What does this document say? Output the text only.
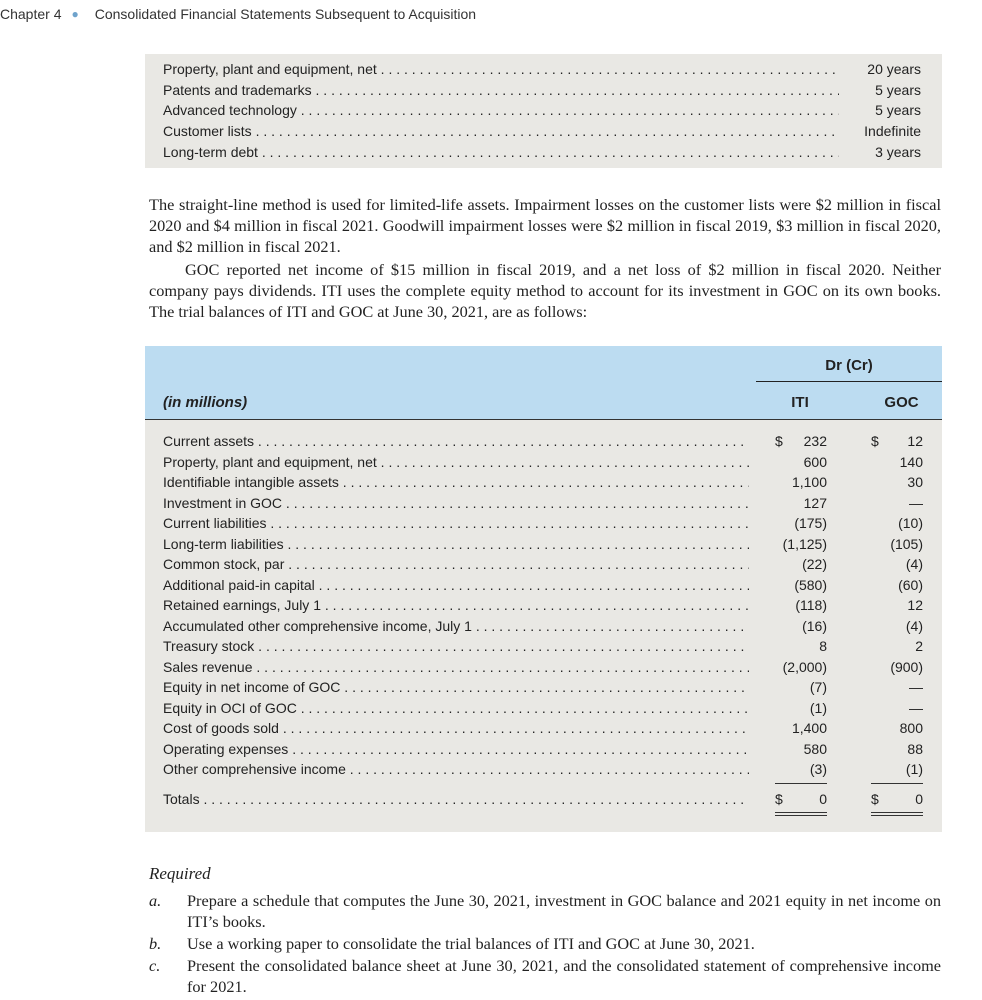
Chapter 4 ● Consolidated Financial Statements Subsequent to Acquisition
Property, plant and equipment, net . . .	20 years
Patents and trademarks . . .	5 years
Advanced technology . . .	5 years
Customer lists . . .	Indefinite
Long-term debt . . .	3 years
The straight-line method is used for limited-life assets. Impairment losses on the customer lists were $2 million in fiscal 2020 and $4 million in fiscal 2021. Goodwill impairment losses were $2 million in fiscal 2019, $3 million in fiscal 2020, and $2 million in fiscal 2021.
GOC reported net income of $15 million in fiscal 2019, and a net loss of $2 million in fiscal 2020. Neither company pays dividends. ITI uses the complete equity method to account for its investment in GOC on its own books. The trial balances of ITI and GOC at June 30, 2021, are as follows:
Dr (Cr)
(in millions)	ITI	GOC
Current assets . . .	$ 232	$ 12
Property, plant and equipment, net . . .	600	140
Identifiable intangible assets . . .	1,100	30
Investment in GOC . . .	127	—
Current liabilities . . .	(175)	(10)
Long-term liabilities . . .	(1,125)	(105)
Common stock, par . . .	(22)	(4)
Additional paid-in capital . . .	(580)	(60)
Retained earnings, July 1 . . .	(118)	12
Accumulated other comprehensive income, July 1 . . .	(16)	(4)
Treasury stock . . .	8	2
Sales revenue . . .	(2,000)	(900)
Equity in net income of GOC . . .	(7)	—
Equity in OCI of GOC . . .	(1)	—
Cost of goods sold . . .	1,400	800
Operating expenses . . .	580	88
Other comprehensive income . . .	(3)	(1)
Totals . . .	$	0	$	0
Required
a. Prepare a schedule that computes the June 30, 2021, investment in GOC balance and 2021 equity in net income on ITI’s books.
b. Use a working paper to consolidate the trial balances of ITI and GOC at June 30, 2021.
c. Present the consolidated balance sheet at June 30, 2021, and the consolidated statement of comprehensive income for 2021.
